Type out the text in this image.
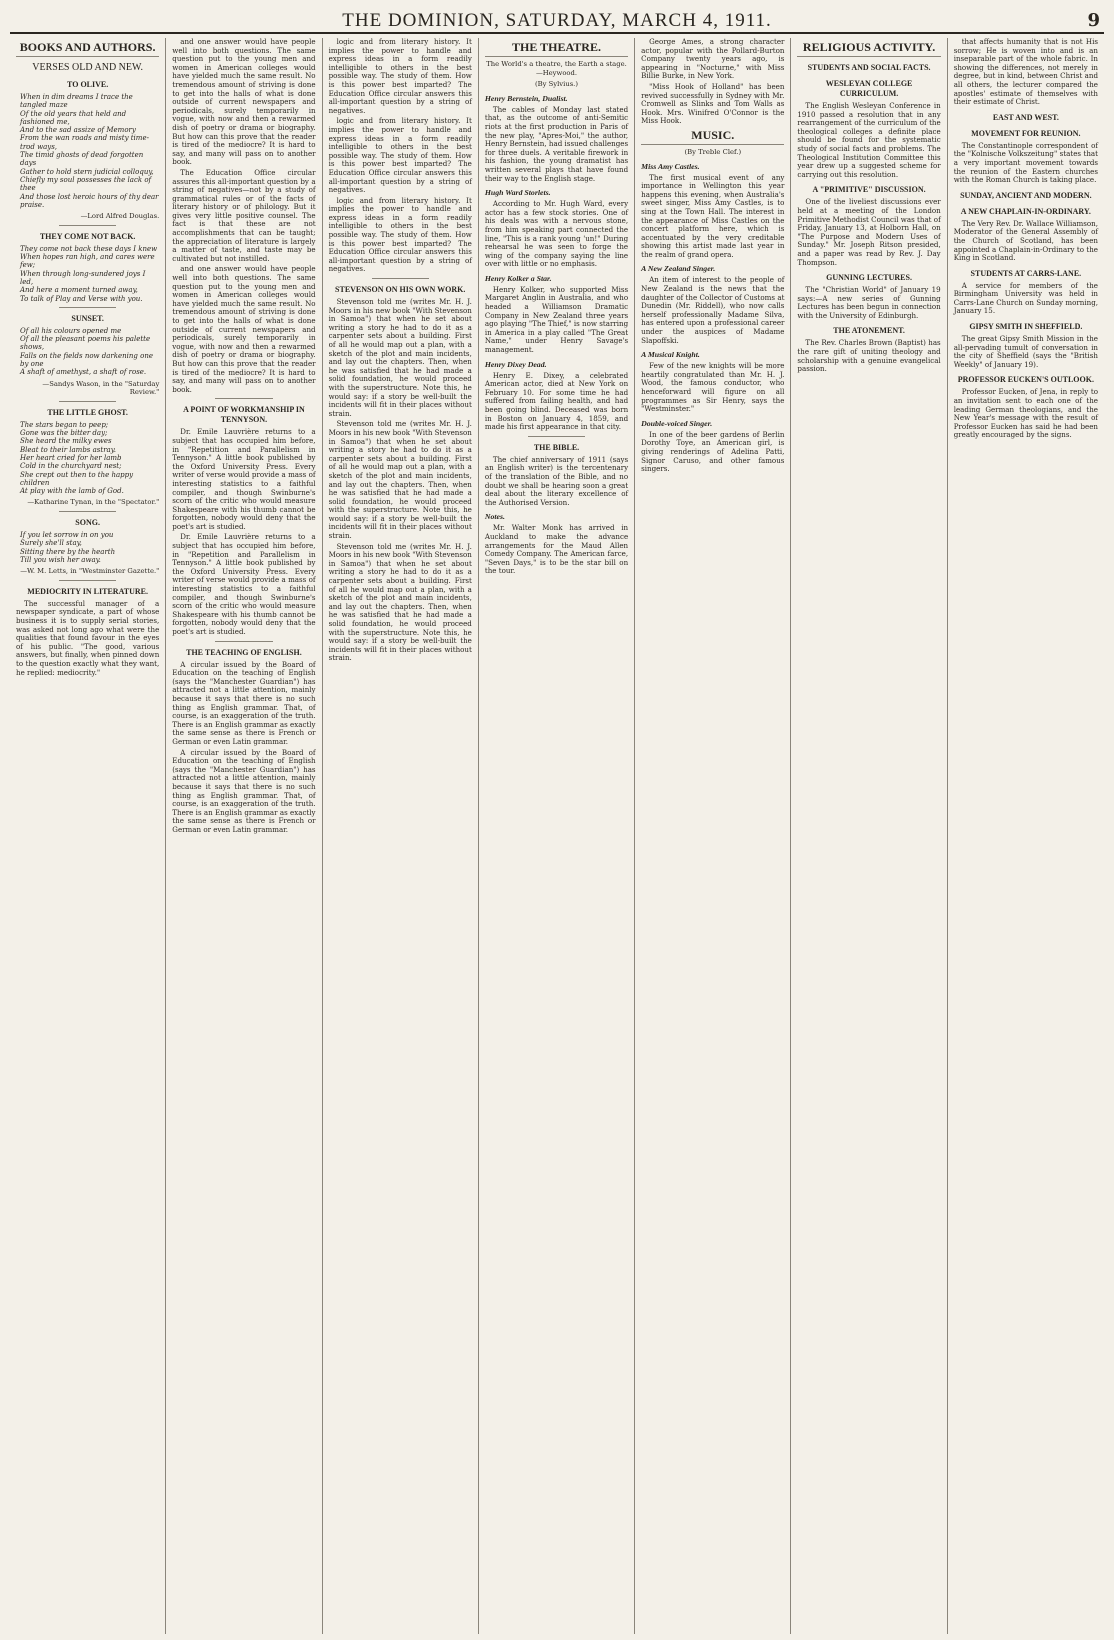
THE DOMINION, SATURDAY, MARCH 4, 1911.	9
BOOKS AND AUTHORS.
VERSES OLD AND NEW.
TO OLIVE.
When in dim dreams I trace the tangled maze
Of the old years that held and fashioned me,
And to the sad assize of Memory
From the wan roads and misty time-trod ways,
The timid ghosts of dead forgotten days
Gather to hold stern judicial colloquy,
Chiefly my soul possesses the lack of thee
And those lost heroic hours of thy dear praise.
—Lord Alfred Douglas.
THEY COME NOT BACK.
They come not back these days I knew
When hopes ran high, and cares were few;
When through long-sundered joys I led,
And here a moment turned away,
To talk of Play and Verse with you.
SUNSET.
Of all his colours opened me
Of all the pleasant poems his palette shows,
Falls on the fields now darkening one by one
A shaft of amethyst, a shaft of rose.
—Sandys Wason, in the "Saturday Review."
THE LITTLE GHOST.
The stars began to peep;
Gone was the bitter day;
She heard the milky ewes
Bleat to their lambs astray.
Her heart cried for her lamb
Cold in the churchyard nest;
She crept out then to the happy children
At play with the lamb of God.
—Katharine Tynan, in the "Spectator."
SONG.
If you let sorrow in on you
Surely she'll stay,
Sitting there by the hearth
Till you wish her away.
—W. M. Letts, in "Westminster Gazette."
MEDIOCRITY IN LITERATURE.

The successful manager of a newspaper syndicate, a part of whose business it is to supply serial stories, was asked not long ago what were the qualities that found favour in the eyes of his public. "The good, various answers, but finally, when pinned down to the question exactly what they want, he replied: mediocrity."

and one answer would have people well into both questions. The same question put to the young men and women in American colleges would have yielded much the same result. No tremendous amount of striving is done to get into the halls of what is done outside of current newspapers and periodicals, surely temporarily in vogue, with now and then a rewarmed dish of poetry or drama or biography. But how can this prove that the reader is tired of the mediocre? It is hard to say, and many will pass on to another book.

The Education Office circular assures this all-important question by a string of negatives—not by a study of grammatical rules or of the facts of literary history or of philology. But it gives very little positive counsel. The fact is that these are not accomplishments that can be taught; the appreciation of literature is largely a matter of taste, and taste may be cultivated but not instilled.

and one answer would have people well into both questions. The same question put to the young men and women in American colleges would have yielded much the same result. No tremendous amount of striving is done to get into the halls of what is done outside of current newspapers and periodicals, surely temporarily in vogue, with now and then a rewarmed dish of poetry or drama or biography. But how can this prove that the reader is tired of the mediocre? It is hard to say, and many will pass on to another book.

A POINT OF WORKMANSHIP IN TENNYSON.

Dr. Emile Lauvrière returns to a subject that has occupied him before, in "Repetition and Parallelism in Tennyson." A little book published by the Oxford University Press. Every writer of verse would provide a mass of interesting statistics to a faithful compiler, and though Swinburne's scorn of the critic who would measure Shakespeare with his thumb cannot be forgotten, nobody would deny that the poet's art is studied.

Dr. Emile Lauvrière returns to a subject that has occupied him before, in "Repetition and Parallelism in Tennyson." A little book published by the Oxford University Press. Every writer of verse would provide a mass of interesting statistics to a faithful compiler, and though Swinburne's scorn of the critic who would measure Shakespeare with his thumb cannot be forgotten, nobody would deny that the poet's art is studied.

THE TEACHING OF ENGLISH.

A circular issued by the Board of Education on the teaching of English (says the "Manchester Guardian") has attracted not a little attention, mainly because it says that there is no such thing as English grammar. That, of course, is an exaggeration of the truth. There is an English grammar as exactly the same sense as there is French or German or even Latin grammar.

A circular issued by the Board of Education on the teaching of English (says the "Manchester Guardian") has attracted not a little attention, mainly because it says that there is no such thing as English grammar. That, of course, is an exaggeration of the truth. There is an English grammar as exactly the same sense as there is French or German or even Latin grammar.

logic and from literary history. It implies the power to handle and express ideas in a form readily intelligible to others in the best possible way. The study of them. How is this power best imparted? The Education Office circular answers this all-important question by a string of negatives.

logic and from literary history. It implies the power to handle and express ideas in a form readily intelligible to others in the best possible way. The study of them. How is this power best imparted? The Education Office circular answers this all-important question by a string of negatives.

logic and from literary history. It implies the power to handle and express ideas in a form readily intelligible to others in the best possible way. The study of them. How is this power best imparted? The Education Office circular answers this all-important question by a string of negatives.

STEVENSON ON HIS OWN WORK.

Stevenson told me (writes Mr. H. J. Moors in his new book "With Stevenson in Samoa") that when he set about writing a story he had to do it as a carpenter sets about a building. First of all he would map out a plan, with a sketch of the plot and main incidents, and lay out the chapters. Then, when he was satisfied that he had made a solid foundation, he would proceed with the superstructure. Note this, he would say: if a story be well-built the incidents will fit in their places without strain.

Stevenson told me (writes Mr. H. J. Moors in his new book "With Stevenson in Samoa") that when he set about writing a story he had to do it as a carpenter sets about a building. First of all he would map out a plan, with a sketch of the plot and main incidents, and lay out the chapters. Then, when he was satisfied that he had made a solid foundation, he would proceed with the superstructure. Note this, he would say: if a story be well-built the incidents will fit in their places without strain.

Stevenson told me (writes Mr. H. J. Moors in his new book "With Stevenson in Samoa") that when he set about writing a story he had to do it as a carpenter sets about a building. First of all he would map out a plan, with a sketch of the plot and main incidents, and lay out the chapters. Then, when he was satisfied that he had made a solid foundation, he would proceed with the superstructure. Note this, he would say: if a story be well-built the incidents will fit in their places without strain.

THE THEATRE.
The World's a theatre, the Earth a stage.—Heywood.
(By Sylvius.)
Henry Bernstein, Dualist.

The cables of Monday last stated that, as the outcome of anti-Semitic riots at the first production in Paris of the new play, "Apres-Moi," the author, Henry Bernstein, had issued challenges for three duels. A veritable firework in his fashion, the young dramatist has written several plays that have found their way to the English stage.

Hugh Ward Storlets.

According to Mr. Hugh Ward, every actor has a few stock stories. One of his deals was with a nervous stone, from him speaking part connected the line, "This is a rank young 'un!" During rehearsal he was seen to forge the wing of the company saying the line over with little or no emphasis.

Henry Kolker a Star.

Henry Kolker, who supported Miss Margaret Anglin in Australia, and who headed a Williamson Dramatic Company in New Zealand three years ago playing "The Thief," is now starring in America in a play called "The Great Name," under Henry Savage's management.

Henry Dixey Dead.

Henry E. Dixey, a celebrated American actor, died at New York on February 10. For some time he had suffered from failing health, and had been going blind. Deceased was born in Boston on January 4, 1859, and made his first appearance in that city.

THE BIBLE.

The chief anniversary of 1911 (says an English writer) is the tercentenary of the translation of the Bible, and no doubt we shall be hearing soon a great deal about the literary excellence of the Authorised Version.

Notes.

Mr. Walter Monk has arrived in Auckland to make the advance arrangements for the Maud Allen Comedy Company. The American farce, "Seven Days," is to be the star bill on the tour.

George Ames, a strong character actor, popular with the Pollard-Burton Company twenty years ago, is appearing in "Nocturne," with Miss Billie Burke, in New York.

"Miss Hook of Holland" has been revived successfully in Sydney with Mr. Cromwell as Slinks and Tom Walls as Hook. Mrs. Winifred O'Connor is the Miss Hook.

MUSIC.
(By Treble Clef.)
Miss Amy Castles.

The first musical event of any importance in Wellington this year happens this evening, when Australia's sweet singer, Miss Amy Castles, is to sing at the Town Hall. The interest in the appearance of Miss Castles on the concert platform here, which is accentuated by the very creditable showing this artist made last year in the realm of grand opera.

A New Zealand Singer.

An item of interest to the people of New Zealand is the news that the daughter of the Collector of Customs at Dunedin (Mr. Riddell), who now calls herself professionally Madame Silva, has entered upon a professional career under the auspices of Madame Slapoffski.

A Musical Knight.

Few of the new knights will be more heartily congratulated than Mr. H. J. Wood, the famous conductor, who henceforward will figure on all programmes as Sir Henry, says the "Westminster."

Double-voiced Singer.

In one of the beer gardens of Berlin Dorothy Toye, an American girl, is giving renderings of Adelina Patti, Signor Caruso, and other famous singers.

RELIGIOUS ACTIVITY.
STUDENTS AND SOCIAL FACTS.
WESLEYAN COLLEGE CURRICULUM.

The English Wesleyan Conference in 1910 passed a resolution that in any rearrangement of the curriculum of the theological colleges a definite place should be found for the systematic study of social facts and problems. The Theological Institution Committee this year drew up a suggested scheme for carrying out this resolution.

A "PRIMITIVE" DISCUSSION.

One of the liveliest discussions ever held at a meeting of the London Primitive Methodist Council was that of Friday, January 13, at Holborn Hall, on "The Purpose and Modern Uses of Sunday." Mr. Joseph Ritson presided, and a paper was read by Rev. J. Day Thompson.

GUNNING LECTURES.

The "Christian World" of January 19 says:—A new series of Gunning Lectures has been begun in connection with the University of Edinburgh.

THE ATONEMENT.

The Rev. Charles Brown (Baptist) has the rare gift of uniting theology and scholarship with a genuine evangelical passion.

that affects humanity that is not His sorrow; He is woven into and is an inseparable part of the whole fabric. In showing the differences, not merely in degree, but in kind, between Christ and all others, the lecturer compared the apostles' estimate of themselves with their estimate of Christ.

EAST AND WEST.
MOVEMENT FOR REUNION.

The Constantinople correspondent of the "Kolnische Volkszeitung" states that a very important movement towards the reunion of the Eastern churches with the Roman Church is taking place.

SUNDAY, ANCIENT AND MODERN.
A NEW CHAPLAIN-IN-ORDINARY.

The Very Rev. Dr. Wallace Williamson, Moderator of the General Assembly of the Church of Scotland, has been appointed a Chaplain-in-Ordinary to the King in Scotland.

STUDENTS AT CARRS-LANE.

A service for members of the Birmingham University was held in Carrs-Lane Church on Sunday morning, January 15.

GIPSY SMITH IN SHEFFIELD.

The great Gipsy Smith Mission in the all-pervading tumult of conversation in the city of Sheffield (says the "British Weekly" of January 19).

PROFESSOR EUCKEN'S OUTLOOK.

Professor Eucken, of Jena, in reply to an invitation sent to each one of the leading German theologians, and the New Year's message with the result of Professor Eucken has said he had been greatly encouraged by the signs.
